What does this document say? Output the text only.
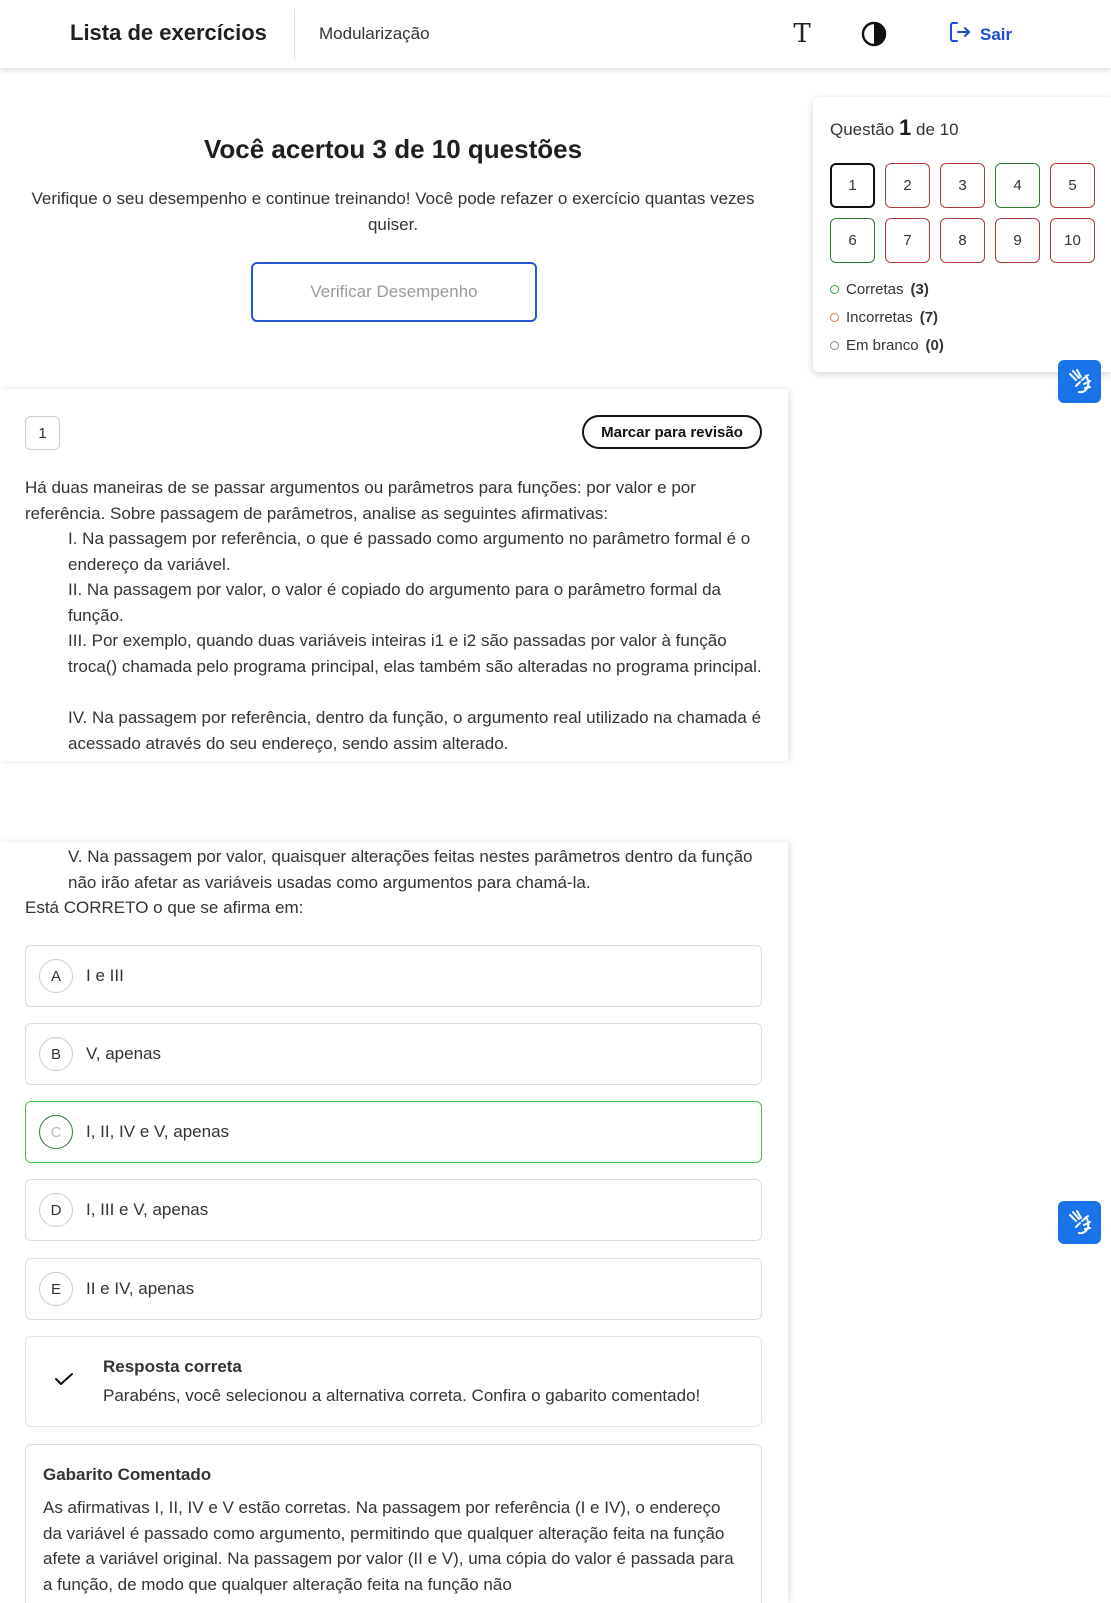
Lista de exercícios	Modularização	T	Sair
Você acertou 3 de 10 questões
Verifique o seu desempenho e continue treinando! Você pode refazer o exercício quantas vezes quiser.
Verificar Desempenho
Questão 1 de 10
1	2	3	4	5
6	7	8	9	10
Corretas (3)
Incorretas (7)
Em branco (0)
1	Marcar para revisão
Há duas maneiras de se passar argumentos ou parâmetros para funções: por valor e por referência. Sobre passagem de parâmetros, analise as seguintes afirmativas:
I. Na passagem por referência, o que é passado como argumento no parâmetro formal é o endereço da variável.
II. Na passagem por valor, o valor é copiado do argumento para o parâmetro formal da função.
III. Por exemplo, quando duas variáveis inteiras i1 e i2 são passadas por valor à função troca() chamada pelo programa principal, elas também são alteradas no programa principal.
IV. Na passagem por referência, dentro da função, o argumento real utilizado na chamada é acessado através do seu endereço, sendo assim alterado.
V. Na passagem por valor, quaisquer alterações feitas nestes parâmetros dentro da função não irão afetar as variáveis usadas como argumentos para chamá-la.
Está CORRETO o que se afirma em:
A	I e III
B	V, apenas
C	I, II, IV e V, apenas
D	I, III e V, apenas
E	II e IV, apenas
Resposta correta
Parabéns, você selecionou a alternativa correta. Confira o gabarito comentado!
Gabarito Comentado
As afirmativas I, II, IV e V estão corretas. Na passagem por referência (I e IV), o endereço da variável é passado como argumento, permitindo que qualquer alteração feita na função afete a variável original. Na passagem por valor (II e V), uma cópia do valor é passada para a função, de modo que qualquer alteração feita na função não
